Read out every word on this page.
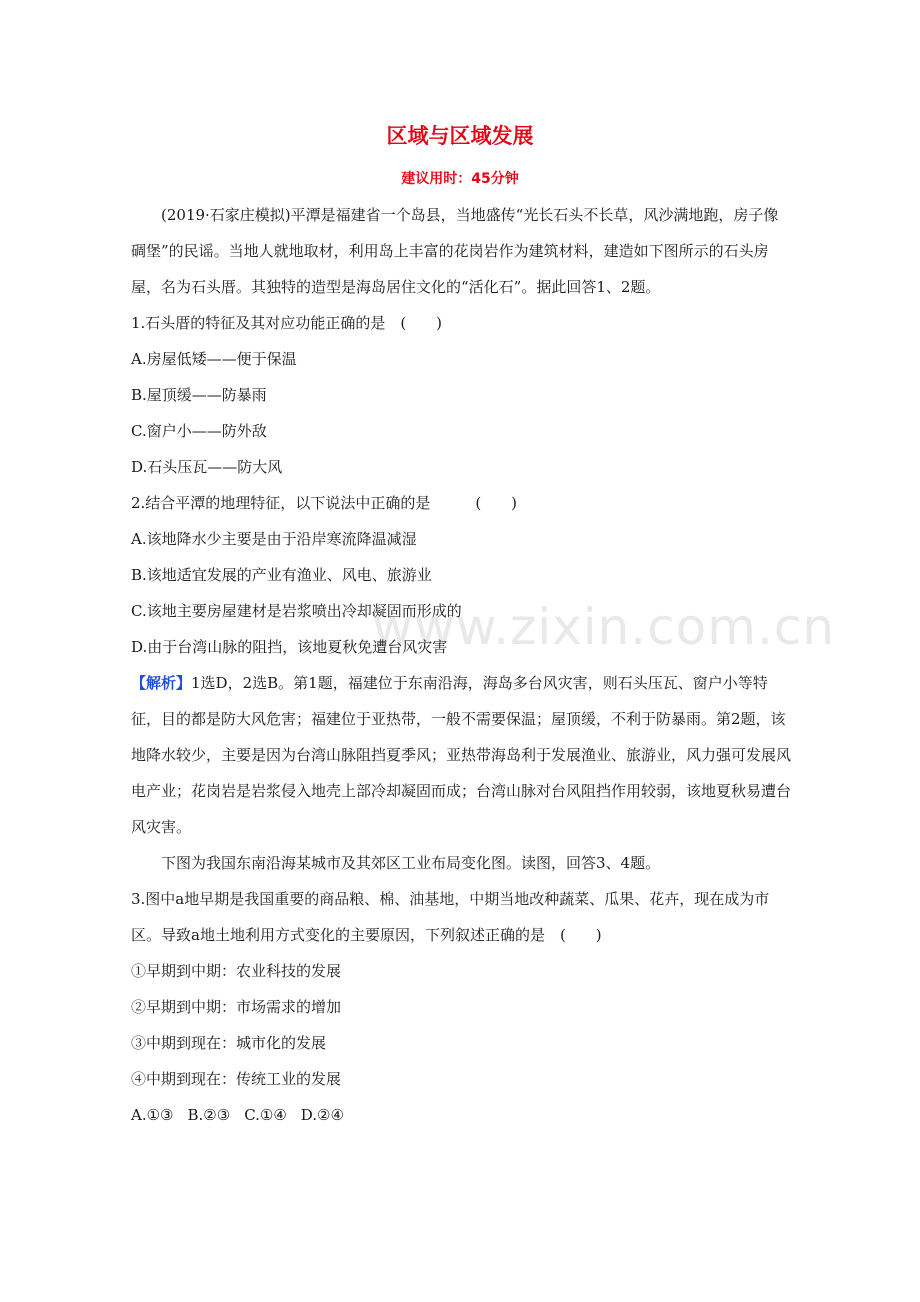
www.zixin.com.cn
区域与区域发展
建议用时：45分钟

(2019·石家庄模拟)平潭是福建省一个岛县，当地盛传“光长石头不长草，风沙满地跑，房子像碉堡”的民谣。当地人就地取材，利用岛上丰富的花岗岩作为建筑材料，建造如下图所示的石头房屋，名为石头厝。其独特的造型是海岛居住文化的“活化石”。据此回答1、2题。

1.石头厝的特征及其对应功能正确的是　(　　)

A.房屋低矮——便于保温

B.屋顶缓——防暴雨

C.窗户小——防外敌

D.石头压瓦——防大风

2.结合平潭的地理特征，以下说法中正确的是　　　(　　)

A.该地降水少主要是由于沿岸寒流降温减湿

B.该地适宜发展的产业有渔业、风电、旅游业

C.该地主要房屋建材是岩浆喷出冷却凝固而形成的

D.由于台湾山脉的阻挡，该地夏秋免遭台风灾害

【解析】1选D，2选B。第1题，福建位于东南沿海，海岛多台风灾害，则石头压瓦、窗户小等特征，目的都是防大风危害；福建位于亚热带，一般不需要保温；屋顶缓，不利于防暴雨。第2题，该地降水较少，主要是因为台湾山脉阻挡夏季风；亚热带海岛利于发展渔业、旅游业，风力强可发展风电产业；花岗岩是岩浆侵入地壳上部冷却凝固而成；台湾山脉对台风阻挡作用较弱，该地夏秋易遭台风灾害。

下图为我国东南沿海某城市及其郊区工业布局变化图。读图，回答3、4题。

3.图中a地早期是我国重要的商品粮、棉、油基地，中期当地改种蔬菜、瓜果、花卉，现在成为市区。导致a地土地利用方式变化的主要原因，下列叙述正确的是　(　　)

①早期到中期：农业科技的发展

②早期到中期：市场需求的增加

③中期到现在：城市化的发展

④中期到现在：传统工业的发展

A.①③ B.②③ C.①④ D.②④
